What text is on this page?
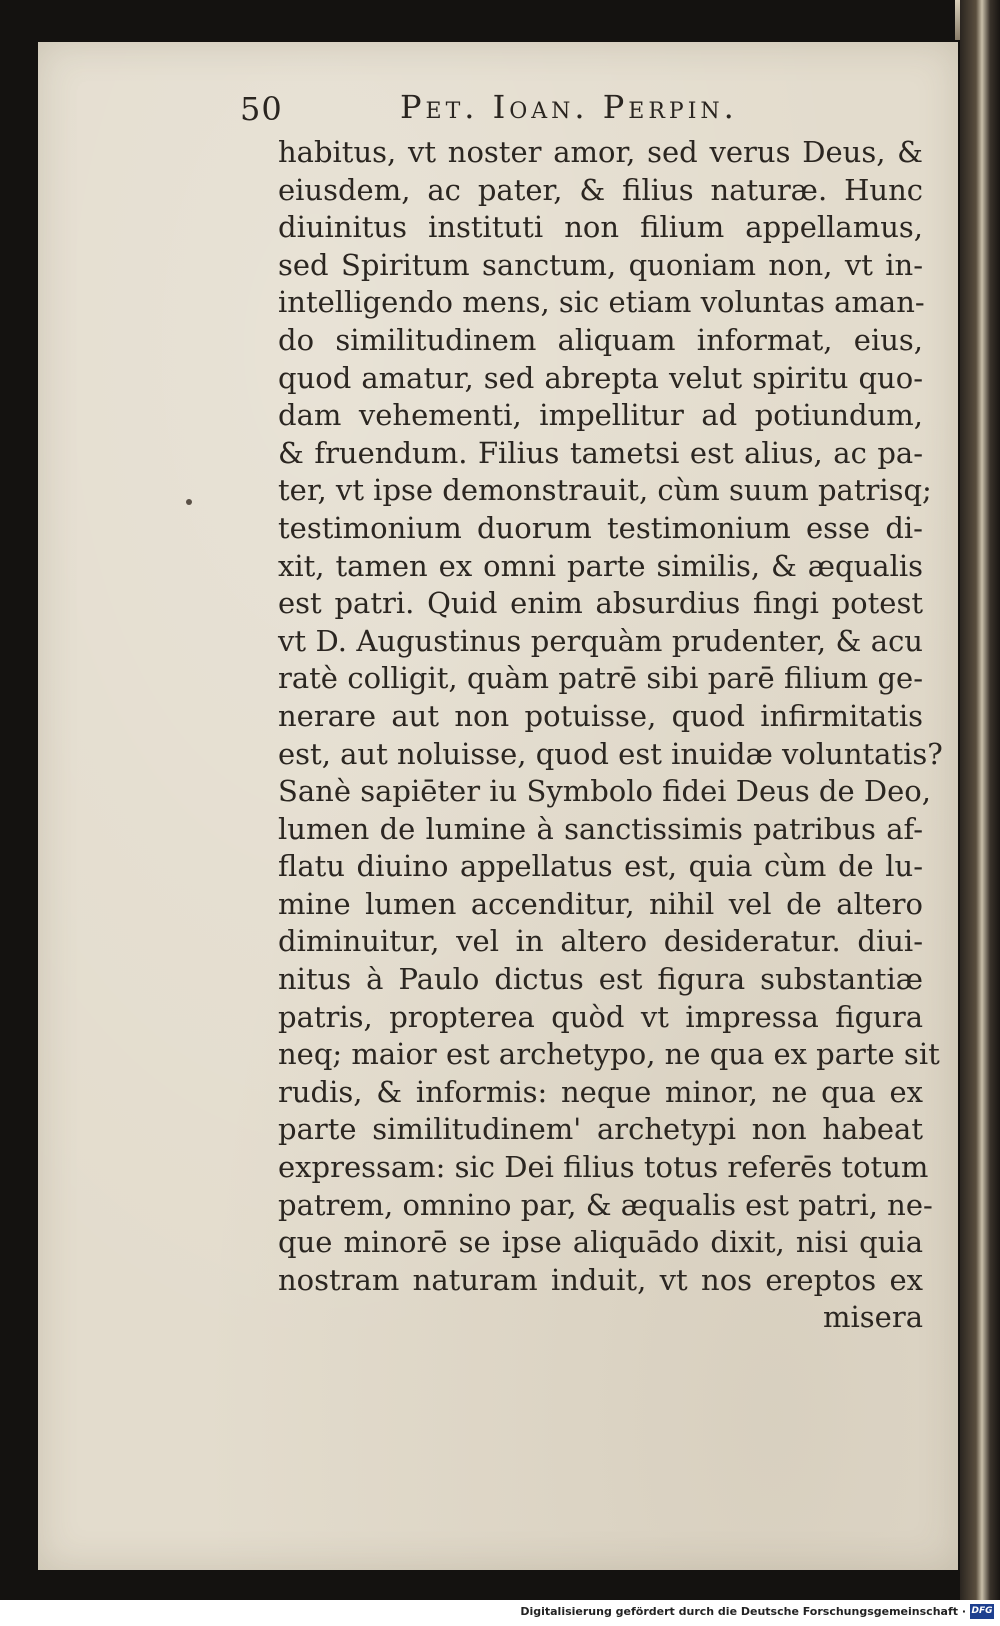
50	Pet. Ioan. Perpin.
habitus, vt noster amor, sed verus Deus, &
eiusdem, ac pater, & filius naturæ. Hunc
diuinitus instituti non filium appellamus,
sed Spiritum sanctum, quoniam non, vt in-
intelligendo mens, sic etiam voluntas aman-
do similitudinem aliquam informat, eius,
quod amatur, sed abrepta velut spiritu quo-
dam vehementi, impellitur ad potiundum,
& fruendum. Filius tametsi est alius, ac pa-
ter, vt ipse demonstrauit, cùm suum patrisq;
testimonium duorum testimonium esse di-
xit, tamen ex omni parte similis, & æqualis
est patri. Quid enim absurdius fingi potest
vt D. Augustinus perquàm prudenter, & acu
ratè colligit, quàm patrē sibi parē filium ge-
nerare aut non potuisse, quod infirmitatis
est, aut noluisse, quod est inuidæ voluntatis?
Sanè sapiēter iu Symbolo fidei Deus de Deo,
lumen de lumine à sanctissimis patribus af-
flatu diuino appellatus est, quia cùm de lu-
mine lumen accenditur, nihil vel de altero
diminuitur, vel in altero desideratur. diui-
nitus à Paulo dictus est figura substantiæ
patris, propterea quòd vt impressa figura
neq; maior est archetypo, ne qua ex parte sit
rudis, & informis: neque minor, ne qua ex
parte similitudinem' archetypi non habeat
expressam: sic Dei filius totus referēs totum
patrem, omnino par, & æqualis est patri, ne-
que minorē se ipse aliquādo dixit, nisi quia
nostram naturam induit, vt nos ereptos ex
misera
Digitalisierung gefördert durch die Deutsche Forschungsgemeinschaft · DFG
